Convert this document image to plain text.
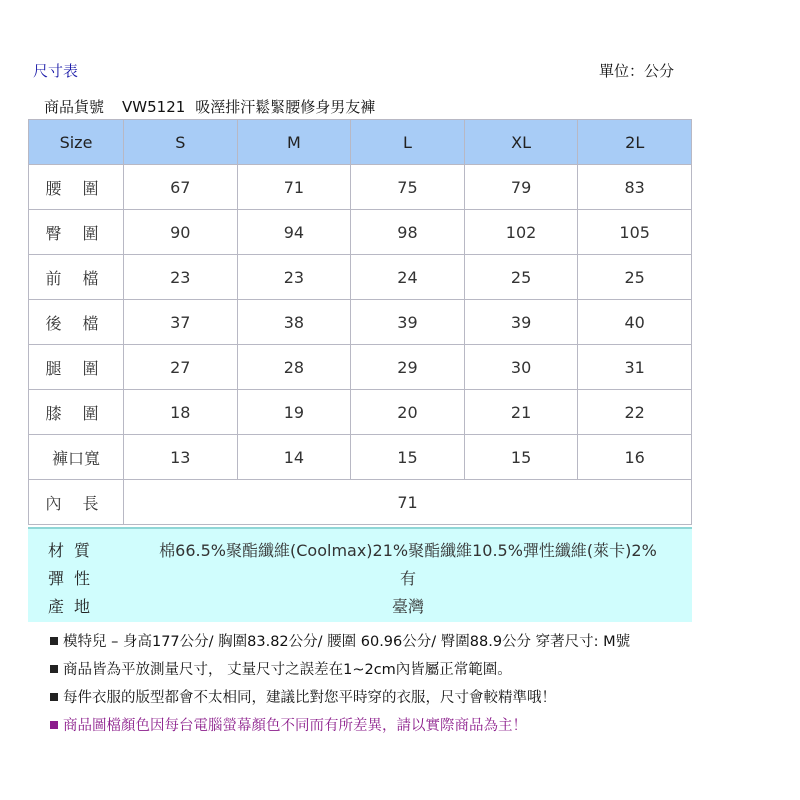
尺寸表	單位：公分
商品貨號 VW5121 吸溼排汗鬆緊腰修身男友褲
Size	S	M	L	XL	2L
腰 圍	67	71	75	79	83
臀 圍	90	94	98	102	105
前 檔	23	23	24	25	25
後 檔	37	38	39	39	40
腿 圍	27	28	29	30	31
膝 圍	18	19	20	21	22
褲口寬	13	14	15	15	16
內 長	71				
材質	棉66.5%聚酯纖維(Coolmax)21%聚酯纖維10.5%彈性纖維(萊卡)2%
彈性	有
產地	臺灣
模特兒 – 身高177公分/ 胸圍83.82公分/ 腰圍 60.96公分/ 臀圍88.9公分 穿著尺寸: M號
商品皆為平放測量尺寸， 丈量尺寸之誤差在1~2cm內皆屬正常範圍。
每件衣服的版型都會不太相同，建議比對您平時穿的衣服，尺寸會較精準哦！
商品圖檔顏色因每台電腦螢幕顏色不同而有所差異，請以實際商品為主！
